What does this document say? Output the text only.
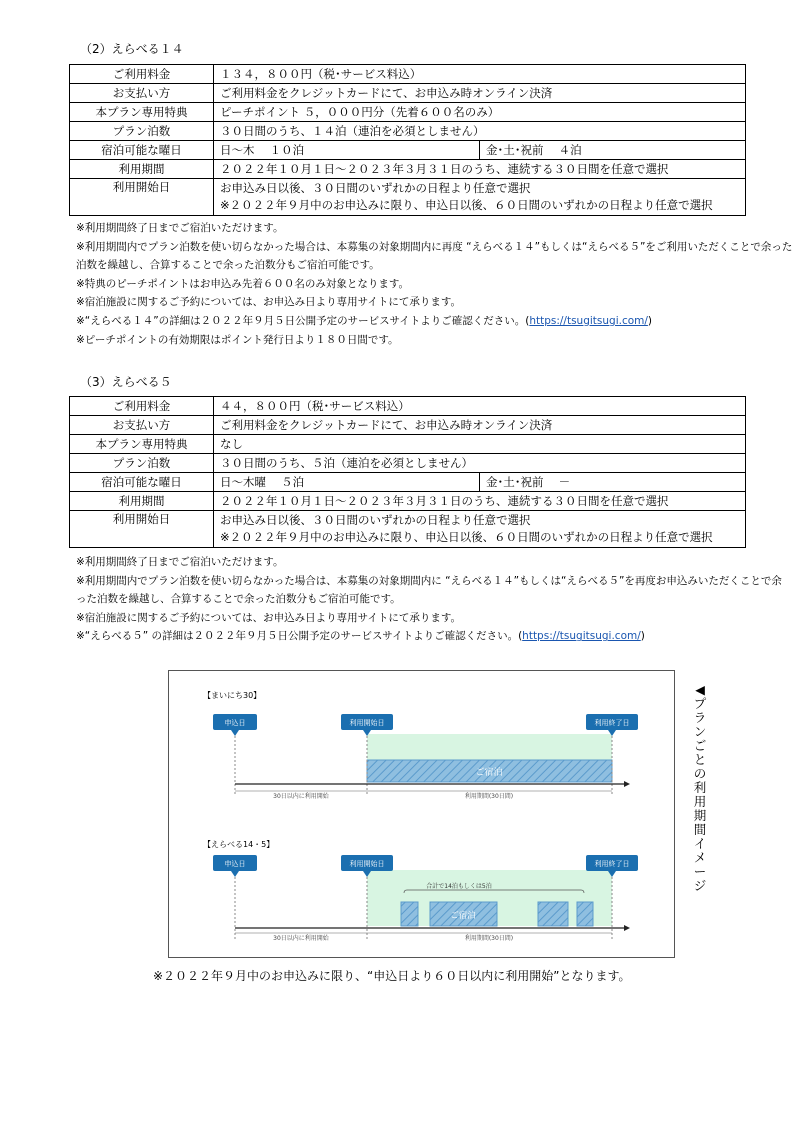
（2）えらべる１４
ご利用料金	１３４，８００円（税･サービス料込）	
お支払い方	ご利用料金をクレジットカードにて、お申込み時オンライン決済	
本プラン専用特典	ピーチポイント ５，０００円分（先着６００名のみ）	
プラン泊数	３０日間のうち、１４泊（連泊を必須としません）	
宿泊可能な曜日	日～木　 １０泊	金･土･祝前　 ４泊
利用期間	２０２２年１０月１日～２０２３年３月３１日のうち、連続する３０日間を任意で選択	
利用開始日	お申込み日以後、３０日間のいずれかの日程より任意で選択
※２０２２年９月中のお申込みに限り、申込日以後、６０日間のいずれかの日程より任意で選択	

※利用期間終了日までご宿泊いただけます。

※利用期間内でプラン泊数を使い切らなかった場合は、本募集の対象期間内に再度 “えらべる１４”もしくは“えらべる５”をご利用いただくことで余った

泊数を繰越し、合算することで余った泊数分もご宿泊可能です。

※特典のピーチポイントはお申込み先着６００名のみ対象となります。

※宿泊施設に関するご予約については、お申込み日より専用サイトにて承ります。

※“えらべる１４”の詳細は２０２２年９月５日公開予定のサービスサイトよりご確認ください。(https://tsugitsugi.com/)

※ピーチポイントの有効期限はポイント発行日より１８０日間です。

（3）えらべる５
ご利用料金	４４，８００円（税･サービス料込）	
お支払い方	ご利用料金をクレジットカードにて、お申込み時オンライン決済	
本プラン専用特典	なし	
プラン泊数	３０日間のうち、５泊（連泊を必須としません）	
宿泊可能な曜日	日～木曜　 ５泊	金･土･祝前　 －
利用期間	２０２２年１０月１日～２０２３年３月３１日のうち、連続する３０日間を任意で選択	
利用開始日	お申込み日以後、３０日間のいずれかの日程より任意で選択
※２０２２年９月中のお申込みに限り、申込日以後、６０日間のいずれかの日程より任意で選択	

※利用期間終了日までご宿泊いただけます。

※利用期間内でプラン泊数を使い切らなかった場合は、本募集の対象期間内に “えらべる１４”もしくは“えらべる５”を再度お申込みいただくことで余

った泊数を繰越し、合算することで余った泊数分もご宿泊可能です。

※宿泊施設に関するご予約については、お申込み日より専用サイトにて承ります。

※“えらべる５” の詳細は２０２２年９月５日公開予定のサービスサイトよりご確認ください。(https://tsugitsugi.com/)

【まいにち30】
ご宿泊
申込日	利用開始日	利用終了日
30日以内に利用開始	利用期間(30日間)
【えらべる14・5】
申込日	利用開始日	利用終了日
合計で14泊もしくは5泊
ご宿泊
30日以内に利用開始	利用期間(30日間)
◀プランごとの利用期間イメージ
※２０２２年９月中のお申込みに限り、“申込日より６０日以内に利用開始”となります。
